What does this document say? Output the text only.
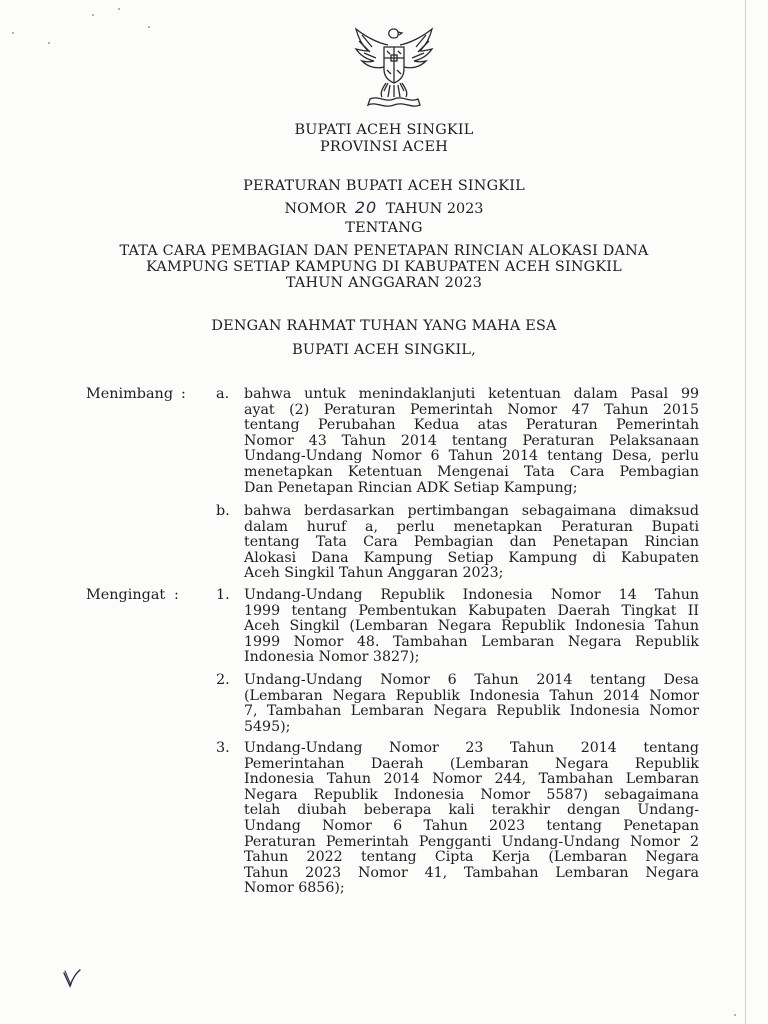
BUPATI ACEH SINGKIL
PROVINSI ACEH
PERATURAN BUPATI ACEH SINGKIL
NOMOR 20 TAHUN 2023
TENTANG
TATA CARA PEMBAGIAN DAN PENETAPAN RINCIAN ALOKASI DANA
KAMPUNG SETIAP KAMPUNG DI KABUPATEN ACEH SINGKIL
TAHUN ANGGARAN 2023
DENGAN RAHMAT TUHAN YANG MAHA ESA
BUPATI ACEH SINGKIL,
Menimbang : a. bahwa untuk menindaklanjuti ketentuan dalam Pasal 99
ayat (2) Peraturan Pemerintah Nomor 47 Tahun 2015
tentang Perubahan Kedua atas Peraturan Pemerintah
Nomor 43 Tahun 2014 tentang Peraturan Pelaksanaan
Undang-Undang Nomor 6 Tahun 2014 tentang Desa, perlu
menetapkan Ketentuan Mengenai Tata Cara Pembagian
Dan Penetapan Rincian ADK Setiap Kampung;
b. bahwa berdasarkan pertimbangan sebagaimana dimaksud
dalam huruf a, perlu menetapkan Peraturan Bupati
tentang Tata Cara Pembagian dan Penetapan Rincian
Alokasi Dana Kampung Setiap Kampung di Kabupaten
Aceh Singkil Tahun Anggaran 2023;
Mengingat :	1. Undang-Undang Republik Indonesia Nomor 14 Tahun
1999 tentang Pembentukan Kabupaten Daerah Tingkat II
Aceh Singkil (Lembaran Negara Republik Indonesia Tahun
1999 Nomor 48. Tambahan Lembaran Negara Republik
Indonesia Nomor 3827);
2. Undang-Undang Nomor 6 Tahun 2014 tentang Desa
(Lembaran Negara Republik Indonesia Tahun 2014 Nomor
7, Tambahan Lembaran Negara Republik Indonesia Nomor
5495);
3. Undang-Undang Nomor 23 Tahun 2014 tentang
Pemerintahan Daerah (Lembaran Negara Republik
Indonesia Tahun 2014 Nomor 244, Tambahan Lembaran
Negara Republik Indonesia Nomor 5587) sebagaimana
telah diubah beberapa kali terakhir dengan Undang-
Undang Nomor 6 Tahun 2023 tentang Penetapan
Peraturan Pemerintah Pengganti Undang-Undang Nomor 2
Tahun 2022 tentang Cipta Kerja (Lembaran Negara
Tahun 2023 Nomor 41, Tambahan Lembaran Negara
Nomor 6856);
